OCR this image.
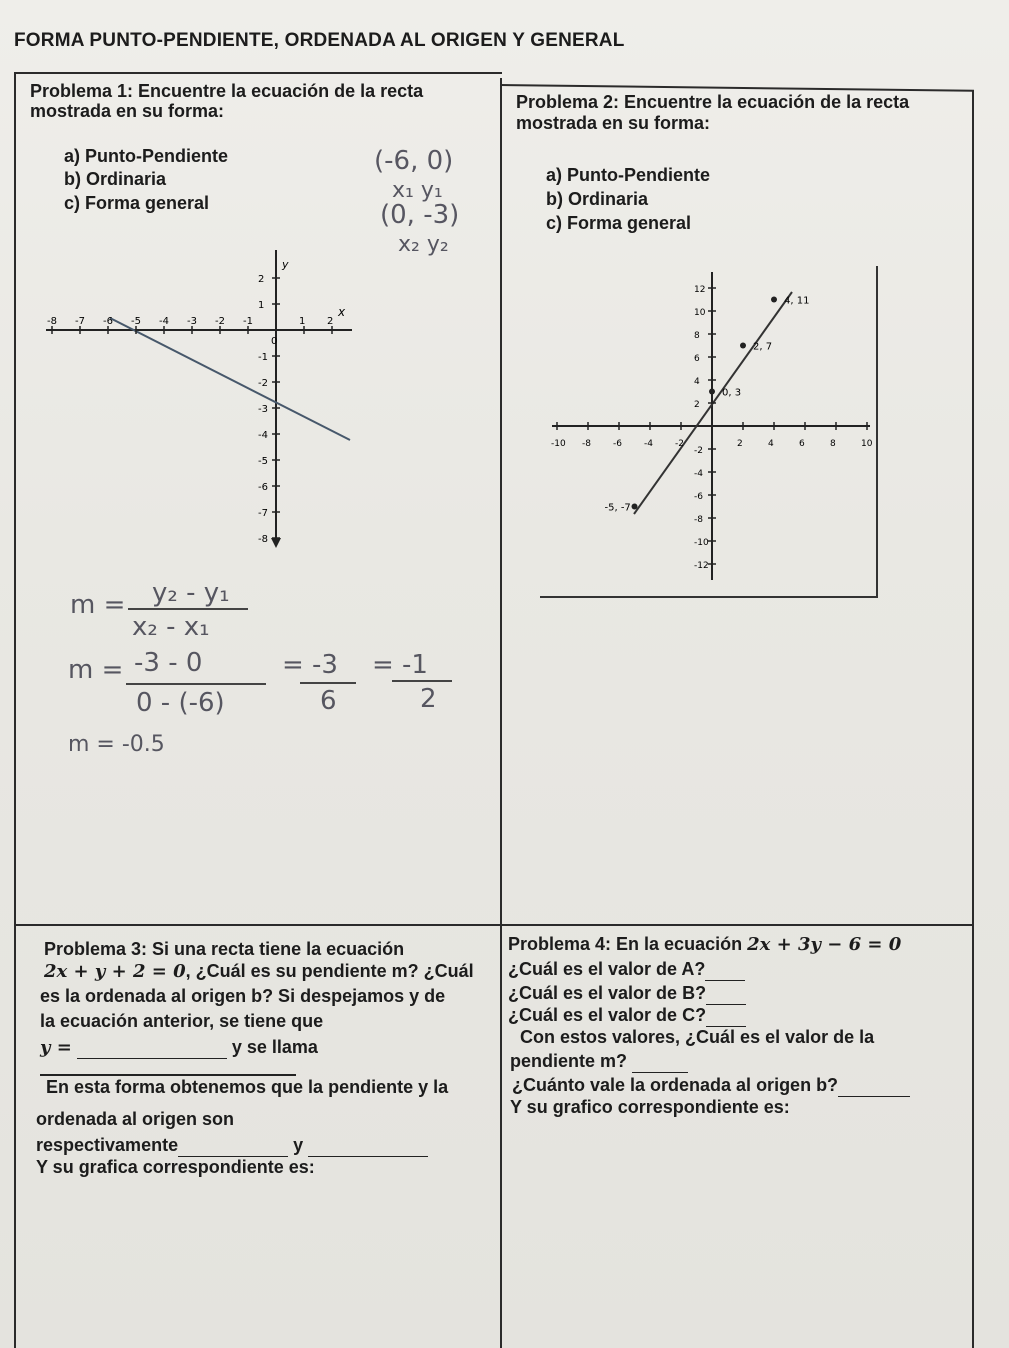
FORMA PUNTO-PENDIENTE, ORDENADA AL ORIGEN Y GENERAL
Problema 1: Encuentre la ecuación de la recta
mostrada en su forma:
a) Punto-Pendiente
b) Ordinaria
c) Forma general
Problema 2: Encuentre la ecuación de la recta
mostrada en su forma:
a) Punto-Pendiente
b) Ordinaria
c) Forma general
(-6, 0)
x₁ y₁
(0, -3)
x₂ y₂
m = y₂ - y₁
x₂ - x₁
m = -3 - 0
0 - (-6)
= -3
6
= -1
2
m = -0.5
-8 -7 -6 -5 -4 -3 -2 -1
0
1 2
2
1
-1
-2
-3
-4
-5
-6
-7
-8
x
y
-10 -8 -6 -4 -2	2	4	6	8	10
12
10
8
6
4
2
-2
-4
-6
-8
-10
-12
4, 11
2, 7
0, 3
-5, -7
Problema 3: Si una recta tiene la ecuación
2x + y + 2 = 0, ¿Cuál es su pendiente m? ¿Cuál
es la ordenada al origen b? Si despejamos y de
la ecuación anterior, se tiene que
y =	y se llama
En esta forma obtenemos que la pendiente y la
ordenada al origen son
respectivamente	y
Y su grafica correspondiente es:
Problema 4: En la ecuación 2x + 3y − 6 = 0
¿Cuál es el valor de A?
¿Cuál es el valor de B?
¿Cuál es el valor de C?
Con estos valores, ¿Cuál es el valor de la
pendiente m?
¿Cuánto vale la ordenada al origen b?
Y su grafico correspondiente es:
